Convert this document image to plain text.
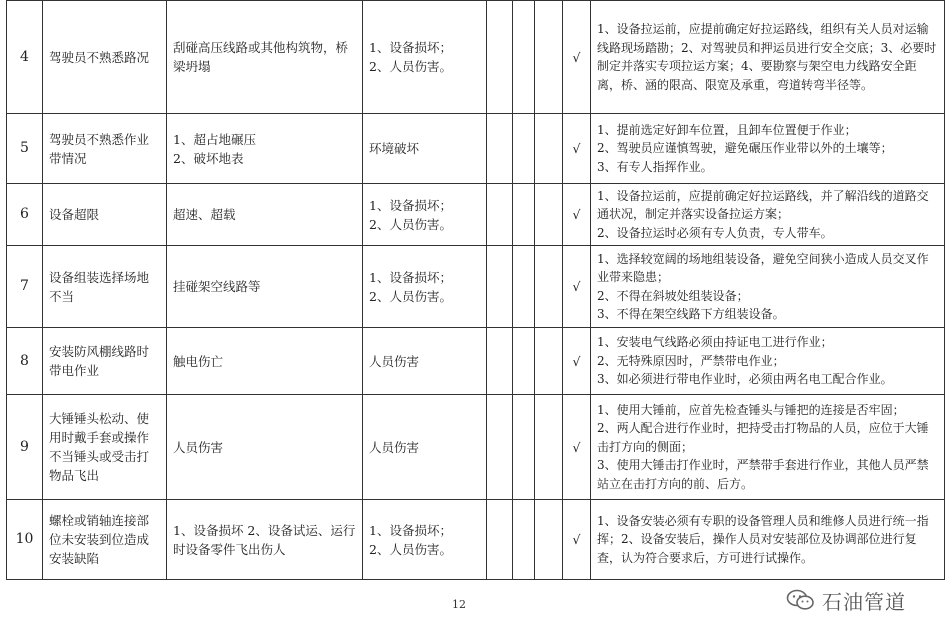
4	驾驶员不熟悉路况	刮碰高压线路或其他构筑物，桥梁坍塌	1、设备损坏；
2、人员伤害。				√	1、设备拉运前，应提前确定好拉运路线，组织有关人员对运输线路现场踏勘；2、对驾驶员和押运员进行安全交底；3、必要时制定并落实专项拉运方案；4、要勘察与架空电力线路安全距离，桥、涵的限高、限宽及承重，弯道转弯半径等。

5	驾驶员不熟悉作业带情况	1、超占地碾压
2、破坏地表	环境破坏				√	1、提前选定好卸车位置，且卸车位置便于作业；
2、驾驶员应谨慎驾驶，避免碾压作业带以外的土壤等；
3、有专人指挥作业。

6	设备超限	超速、超载	1、设备损坏；
2、人员伤害。				√	1、设备拉运前，应提前确定好拉运路线，并了解沿线的道路交通状况，制定并落实设备拉运方案；
2、设备拉运时必须有专人负责，专人带车。

7	设备组装选择场地不当	挂碰架空线路等	1、设备损坏；
2、人员伤害。				√	1、选择较宽阔的场地组装设备，避免空间狭小造成人员交叉作业带来隐患；
2、不得在斜坡处组装设备；
3、不得在架空线路下方组装设备。

8	安装防风棚线路时带电作业	触电伤亡	人员伤害				√	1、安装电气线路必须由持证电工进行作业；
2、无特殊原因时，严禁带电作业；
3、如必须进行带电作业时，必须由两名电工配合作业。

9	大锤锤头松动、使用时戴手套或操作不当锤头或受击打物品飞出	人员伤害	人员伤害				√	1、使用大锤前，应首先检查锤头与锤把的连接是否牢固；
2、两人配合进行作业时，把持受击打物品的人员，应位于大锤击打方向的侧面；
3、使用大锤击打作业时，严禁带手套进行作业，其他人员严禁站立在击打方向的前、后方。

10	螺栓或销轴连接部位未安装到位造成安装缺陷	1、设备损坏 2、设备试运、运行时设备零件飞出伤人	1、设备损坏；
2、人员伤害。				√	1、设备安装必须有专职的设备管理人员和维修人员进行统一指挥；2、设备安装后，操作人员对安装部位及协调部位进行复查，认为符合要求后，方可进行试操作。
12	石油管道
